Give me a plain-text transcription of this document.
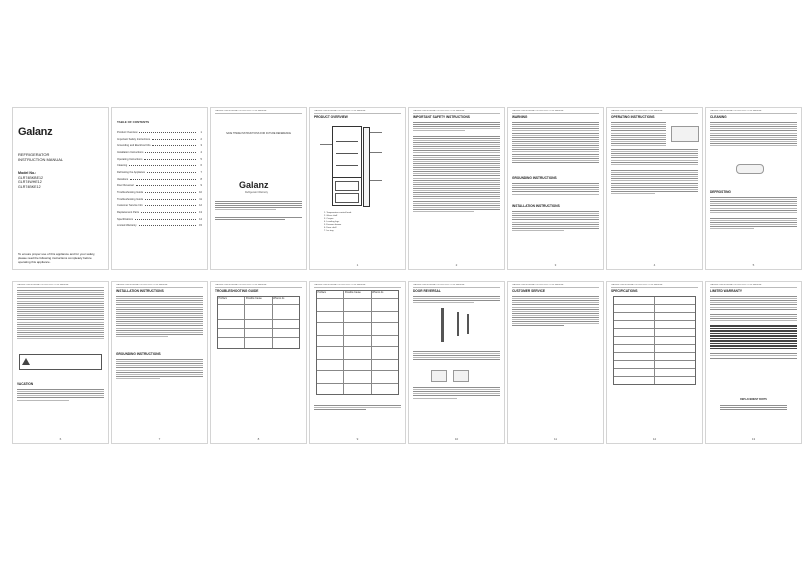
Galanz
REFRIGERATOR
INSTRUCTION MANUAL
Model No.:
GLR74BKBE12
GLR74WHE12
GLR74BKE12
To ensure proper use of this appliance and for your safety, please read the following instructions completely before operating this appliance.
TABLE OF CONTENTS
Product Overview	1
Important Safety Instructions	2
Grounding and Electrical Info	3
Installation Instructions	4
Operating Instructions	5
Cleaning	6
Defrosting the Appliance	7
Vacations	8
Door Reversal	9
Troubleshooting Guide	10
Troubleshooting Guide	11
Customer Service Info	12
Replacement Parts	13
Specifications	14
Limited Warranty	15
GALANZ REFRIGERATOR INSTRUCTION MANUAL
SAVE THESE INSTRUCTIONS FOR FUTURE REFERENCE
Galanz
Refrigerator Warranty
GALANZ REFRIGERATOR INSTRUCTION MANUAL
PRODUCT OVERVIEW
1. Temperature control knob
2. Glass shelf
3. Crisper
4. Leveling legs
5. Freezer drawer
6. Door shelf
7. Ice tray
1
GALANZ REFRIGERATOR INSTRUCTION MANUAL
IMPORTANT SAFETY INSTRUCTIONS
2
GALANZ REFRIGERATOR INSTRUCTION MANUAL
WARNING
GROUNDING INSTRUCTIONS
INSTALLATION INSTRUCTIONS
3
GALANZ REFRIGERATOR INSTRUCTION MANUAL
OPERATING INSTRUCTIONS
4
GALANZ REFRIGERATOR INSTRUCTION MANUAL
CLEANING
DEFROSTING
5
GALANZ REFRIGERATOR INSTRUCTION MANUAL
VACATION
6
GALANZ REFRIGERATOR INSTRUCTION MANUAL
INSTALLATION INSTRUCTIONS
GROUNDING INSTRUCTIONS
7
GALANZ REFRIGERATOR INSTRUCTION MANUAL
TROUBLESHOOTING GUIDE
Problem	Possible Cause	What to do
8
GALANZ REFRIGERATOR INSTRUCTION MANUAL
Problem	Possible Cause	What to do
9
GALANZ REFRIGERATOR INSTRUCTION MANUAL
DOOR REVERSAL
10
GALANZ REFRIGERATOR INSTRUCTION MANUAL
CUSTOMER SERVICE
11
GALANZ REFRIGERATOR INSTRUCTION MANUAL
SPECIFICATIONS
12
GALANZ REFRIGERATOR INSTRUCTION MANUAL
LIMITED WARRANTY
REPLACEMENT PARTS
13
